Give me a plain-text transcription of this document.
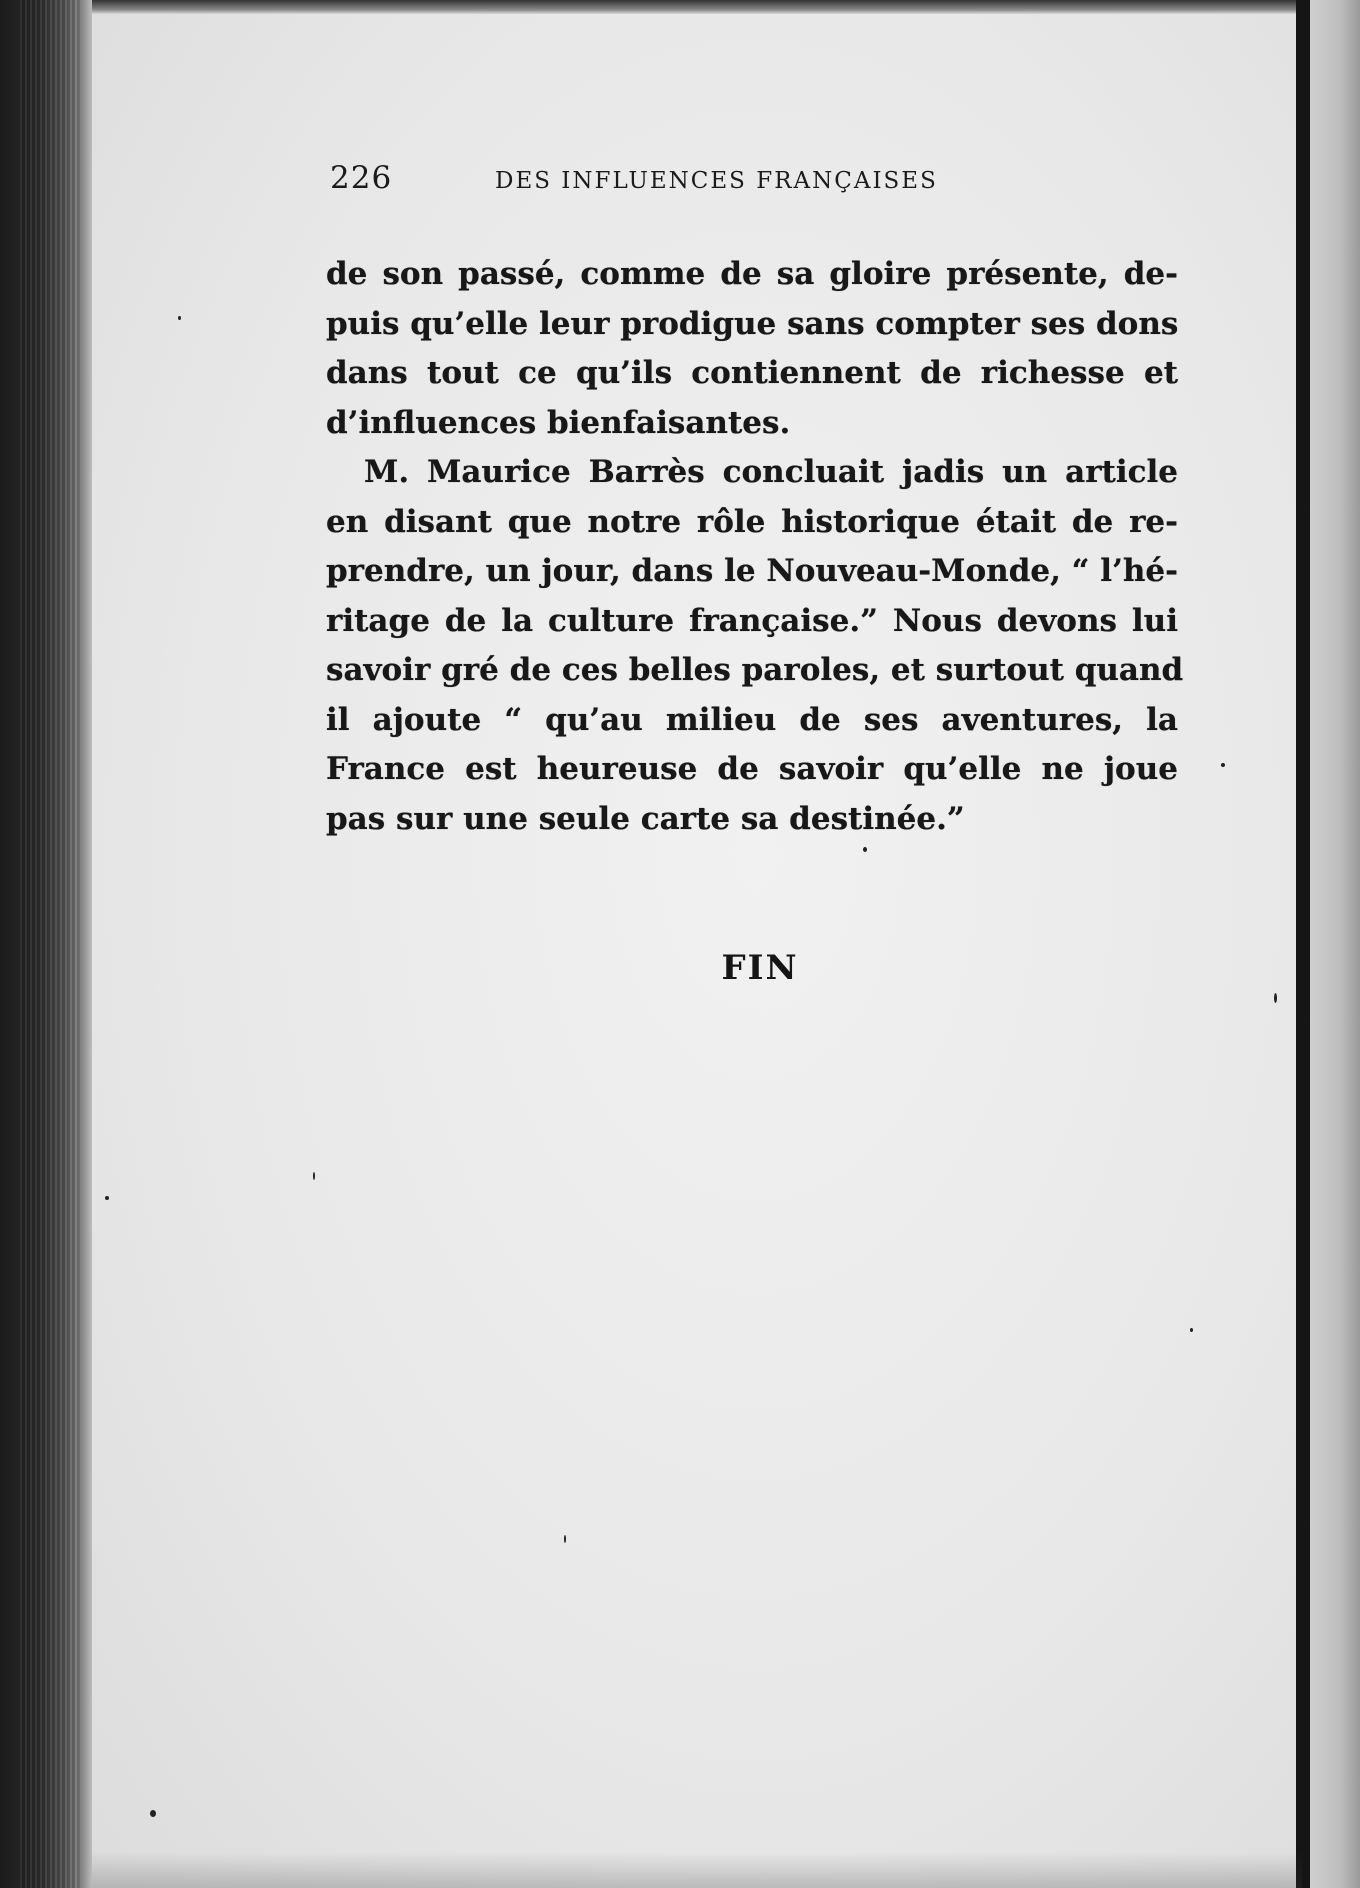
226	DES INFLUENCES FRANÇAISES
de son passé, comme de sa gloire présente, de-
puis qu’elle leur prodigue sans compter ses dons
dans tout ce qu’ils contiennent de richesse et
d’influences bienfaisantes.
M. Maurice Barrès concluait jadis un article
en disant que notre rôle historique était de re-
prendre, un jour, dans le Nouveau-Monde, “ l’hé-
ritage de la culture française.” Nous devons lui
savoir gré de ces belles paroles, et surtout quand
il ajoute “ qu’au milieu de ses aventures, la
France est heureuse de savoir qu’elle ne joue
pas sur une seule carte sa destinée.”
FIN
